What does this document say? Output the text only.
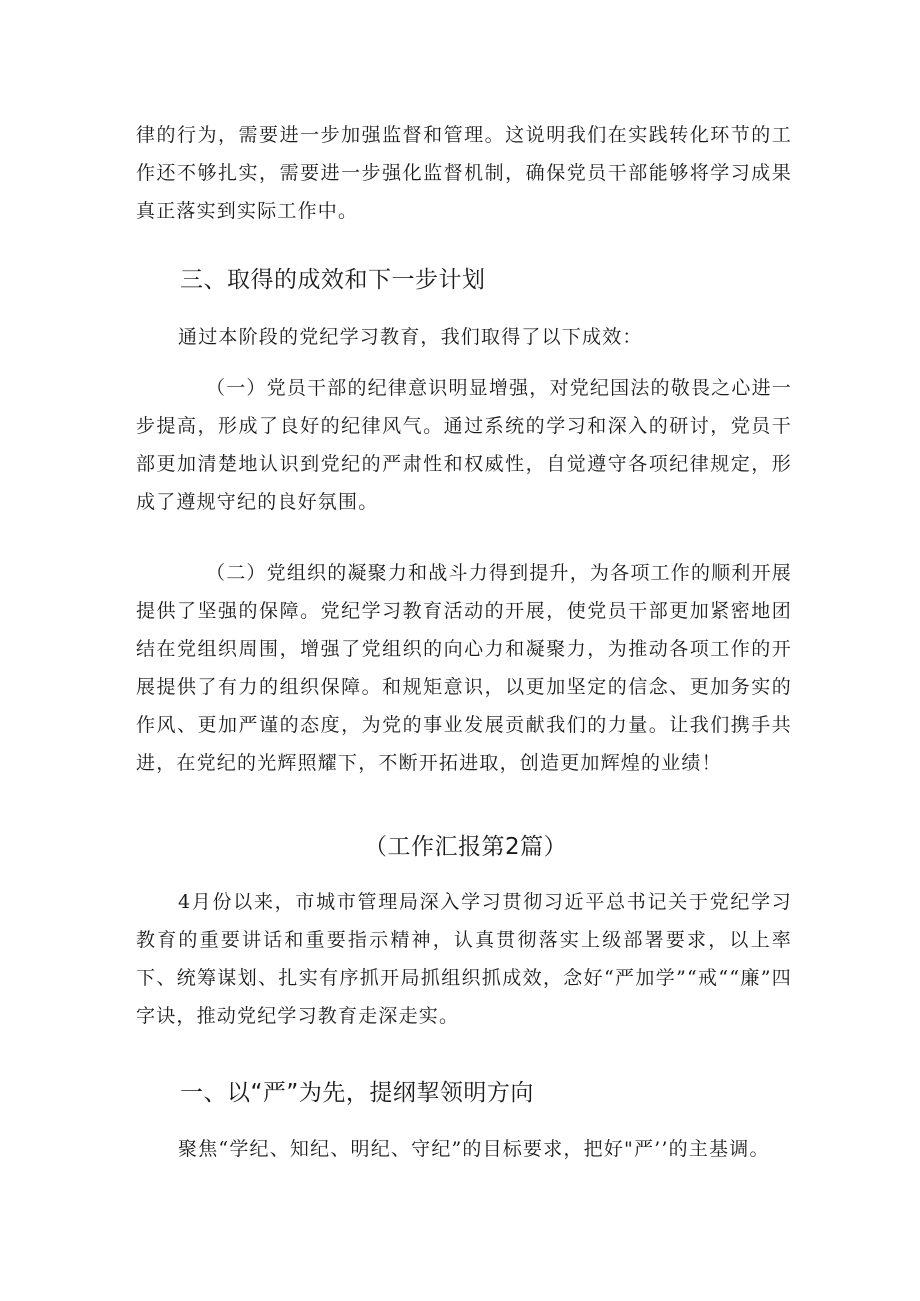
律的行为，需要进一步加强监督和管理。这说明我们在实践转化环节的工作还不够扎实，需要进一步强化监督机制，确保党员干部能够将学习成果真正落实到实际工作中。

三、取得的成效和下一步计划

通过本阶段的党纪学习教育，我们取得了以下成效：

（一）党员干部的纪律意识明显增强，对党纪国法的敬畏之心进一步提高，形成了良好的纪律风气。通过系统的学习和深入的研讨，党员干部更加清楚地认识到党纪的严肃性和权威性，自觉遵守各项纪律规定，形成了遵规守纪的良好氛围。

（二）党组织的凝聚力和战斗力得到提升，为各项工作的顺利开展提供了坚强的保障。党纪学习教育活动的开展，使党员干部更加紧密地团结在党组织周围，增强了党组织的向心力和凝聚力，为推动各项工作的开展提供了有力的组织保障。和规矩意识，以更加坚定的信念、更加务实的作风、更加严谨的态度，为党的事业发展贡献我们的力量。让我们携手共进，在党纪的光辉照耀下，不断开拓进取，创造更加辉煌的业绩！

（工作汇报第2篇）

4月份以来，市城市管理局深入学习贯彻习近平总书记关于党纪学习教育的重要讲话和重要指示精神，认真贯彻落实上级部署要求，以上率下、统筹谋划、扎实有序抓开局抓组织抓成效，念好“严加学”“戒““廉”四字诀，推动党纪学习教育走深走实。

一、以“严”为先，提纲挈领明方向

聚焦“学纪、知纪、明纪、守纪”的目标要求，把好"严’’的主基调。
